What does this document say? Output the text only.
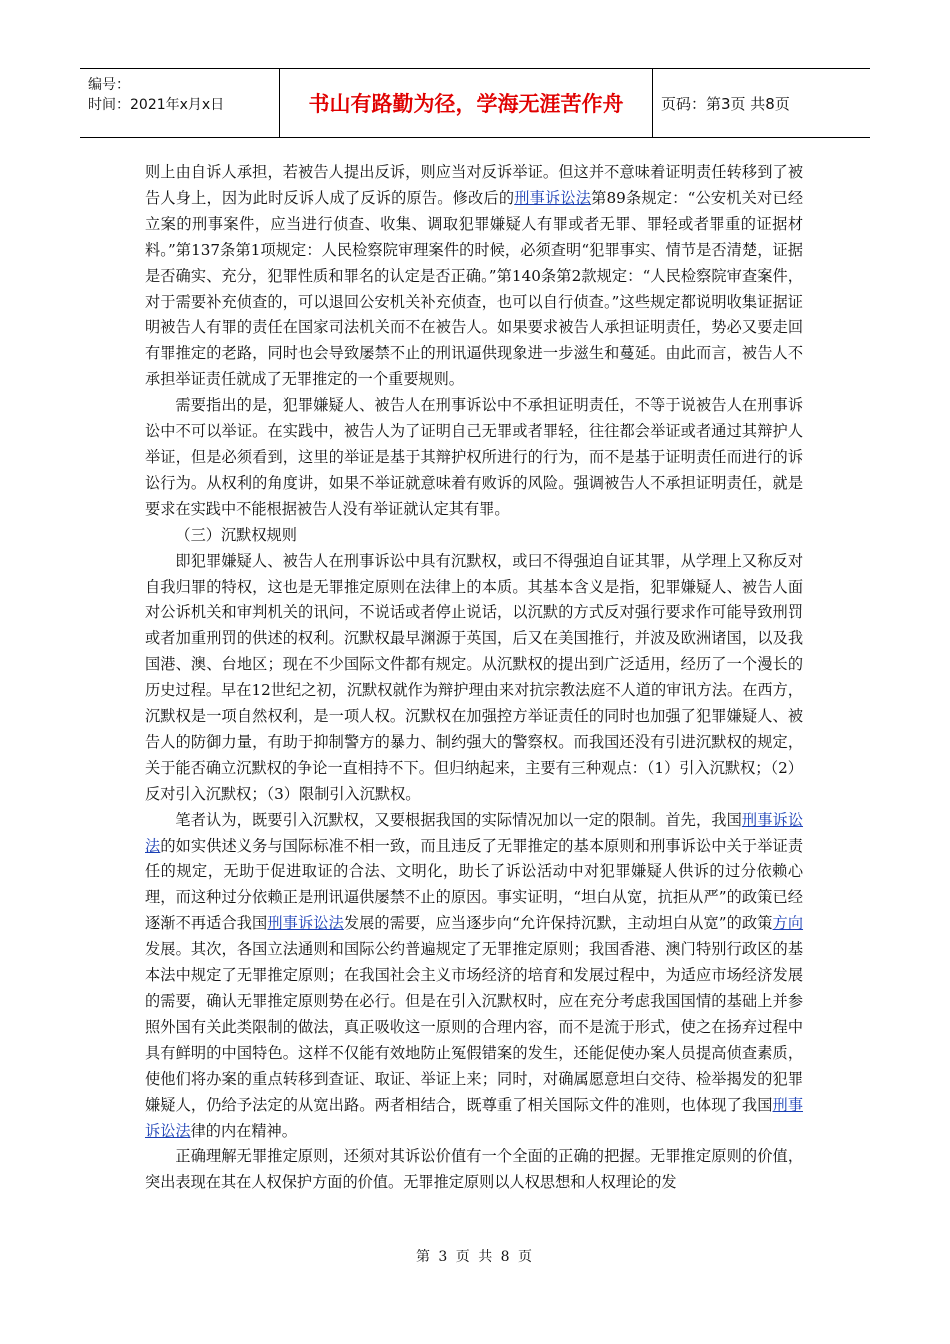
编号：
时间：2021年x月x日	书山有路勤为径，学海无涯苦作舟	页码：第3页 共8页

则上由自诉人承担，若被告人提出反诉，则应当对反诉举证。但这并不意味着证明责任转移到了被告人身上，因为此时反诉人成了反诉的原告。修改后的刑事诉讼法第89条规定：“公安机关对已经立案的刑事案件，应当进行侦查、收集、调取犯罪嫌疑人有罪或者无罪、罪轻或者罪重的证据材料。”第137条第1项规定：人民检察院审理案件的时候，必须查明“犯罪事实、情节是否清楚，证据是否确实、充分，犯罪性质和罪名的认定是否正确。”第140条第2款规定：“人民检察院审查案件，对于需要补充侦查的，可以退回公安机关补充侦查，也可以自行侦查。”这些规定都说明收集证据证明被告人有罪的责任在国家司法机关而不在被告人。如果要求被告人承担证明责任，势必又要走回有罪推定的老路，同时也会导致屡禁不止的刑讯逼供现象进一步滋生和蔓延。由此而言，被告人不承担举证责任就成了无罪推定的一个重要规则。

需要指出的是，犯罪嫌疑人、被告人在刑事诉讼中不承担证明责任，不等于说被告人在刑事诉讼中不可以举证。在实践中，被告人为了证明自己无罪或者罪轻，往往都会举证或者通过其辩护人举证，但是必须看到，这里的举证是基于其辩护权所进行的行为，而不是基于证明责任而进行的诉讼行为。从权利的角度讲，如果不举证就意味着有败诉的风险。强调被告人不承担证明责任，就是要求在实践中不能根据被告人没有举证就认定其有罪。

（三）沉默权规则

即犯罪嫌疑人、被告人在刑事诉讼中具有沉默权，或曰不得强迫自证其罪，从学理上又称反对自我归罪的特权，这也是无罪推定原则在法律上的本质。其基本含义是指，犯罪嫌疑人、被告人面对公诉机关和审判机关的讯问，不说话或者停止说话，以沉默的方式反对强行要求作可能导致刑罚或者加重刑罚的供述的权利。沉默权最早渊源于英国，后又在美国推行，并波及欧洲诸国，以及我国港、澳、台地区；现在不少国际文件都有规定。从沉默权的提出到广泛适用，经历了一个漫长的历史过程。早在12世纪之初，沉默权就作为辩护理由来对抗宗教法庭不人道的审讯方法。在西方，沉默权是一项自然权利，是一项人权。沉默权在加强控方举证责任的同时也加强了犯罪嫌疑人、被告人的防御力量，有助于抑制警方的暴力、制约强大的警察权。而我国还没有引进沉默权的规定，关于能否确立沉默权的争论一直相持不下。但归纳起来，主要有三种观点：（1）引入沉默权；（2）反对引入沉默权；（3）限制引入沉默权。

笔者认为，既要引入沉默权，又要根据我国的实际情况加以一定的限制。首先，我国刑事诉讼法的如实供述义务与国际标准不相一致，而且违反了无罪推定的基本原则和刑事诉讼中关于举证责任的规定，无助于促进取证的合法、文明化，助长了诉讼活动中对犯罪嫌疑人供诉的过分依赖心理，而这种过分依赖正是刑讯逼供屡禁不止的原因。事实证明，“坦白从宽，抗拒从严”的政策已经逐渐不再适合我国刑事诉讼法发展的需要，应当逐步向“允许保持沉默，主动坦白从宽”的政策方向发展。其次，各国立法通则和国际公约普遍规定了无罪推定原则；我国香港、澳门特别行政区的基本法中规定了无罪推定原则；在我国社会主义市场经济的培育和发展过程中，为适应市场经济发展的需要，确认无罪推定原则势在必行。但是在引入沉默权时，应在充分考虑我国国情的基础上并参照外国有关此类限制的做法，真正吸收这一原则的合理内容，而不是流于形式，使之在扬弃过程中具有鲜明的中国特色。这样不仅能有效地防止冤假错案的发生，还能促使办案人员提高侦查素质，使他们将办案的重点转移到查证、取证、举证上来；同时，对确属愿意坦白交待、检举揭发的犯罪嫌疑人，仍给予法定的从宽出路。两者相结合，既尊重了相关国际文件的准则，也体现了我国刑事诉讼法律的内在精神。

正确理解无罪推定原则，还须对其诉讼价值有一个全面的正确的把握。无罪推定原则的价值，突出表现在其在人权保护方面的价值。无罪推定原则以人权思想和人权理论的发

第 3 页 共 8 页
